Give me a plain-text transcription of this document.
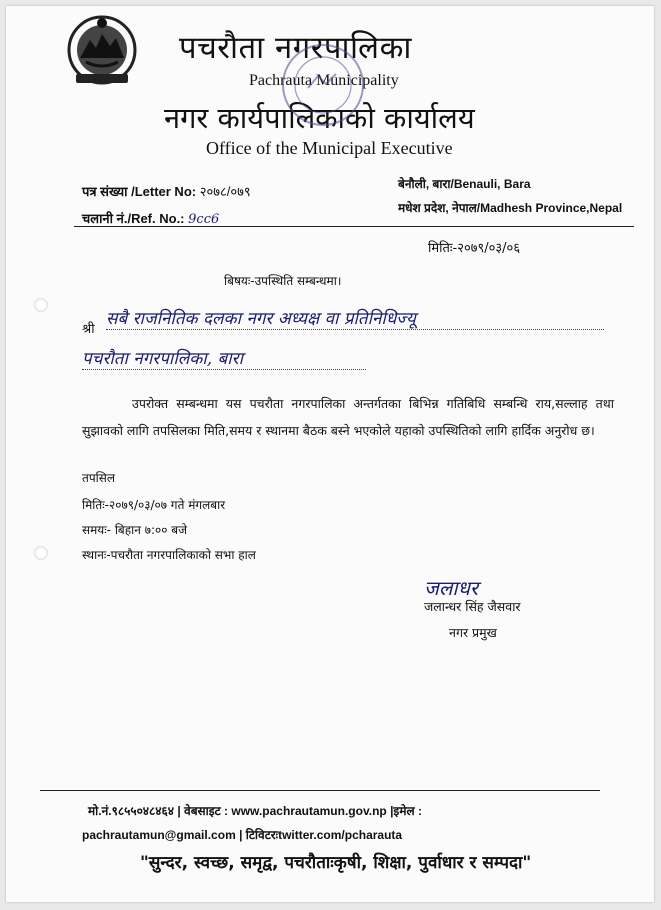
पचरौता नगरपालिका
Pachrauta Municipality
नगर कार्यपालिकाको कार्यालय
Office of the Municipal Executive
पत्र संख्या /Letter No: २०७८/०७९
चलानी नं./Ref. No.: 9cc6
बेनौली, बारा/Benauli, Bara
मधेश प्रदेश, नेपाल/Madhesh Province,Nepal
मितिः-२०७९/०३/०६
बिषयः-उपस्थिति सम्बन्धमा।
श्री
सबै राजनितिक दलका नगर अध्यक्ष वा प्रतिनिधिज्यू
पचरौता नगरपालिका, बारा
उपरोक्त सम्बन्धमा यस पचरौता नगरपालिका अन्तर्गतका बिभिन्न गतिबिधि सम्बन्धि राय,सल्लाह तथा सुझावको लागि तपसिलका मिति,समय र स्थानमा बैठक बस्ने भएकोले यहाको उपस्थितिको लागि हार्दिक अनुरोध छ।
तपसिल
मितिः-२०७९/०३/०७ गते मंगलबार
समयः- बिहान ७:०० बजे
स्थानः-पचरौता नगरपालिकाको सभा हाल
जलाधर
जलान्धर सिंह जैसवार
नगर प्रमुख
मो.नं.९८५५०४८४६४ | वेबसाइट : www.pachrautamun.gov.np |इमेल :
pachrautamun@gmail.com | टिविटरःtwitter.com/pcharauta
"सुन्दर, स्वच्छ, समृद्व, पचरौताःकृषी, शिक्षा, पुर्वाधार र सम्पदा"
